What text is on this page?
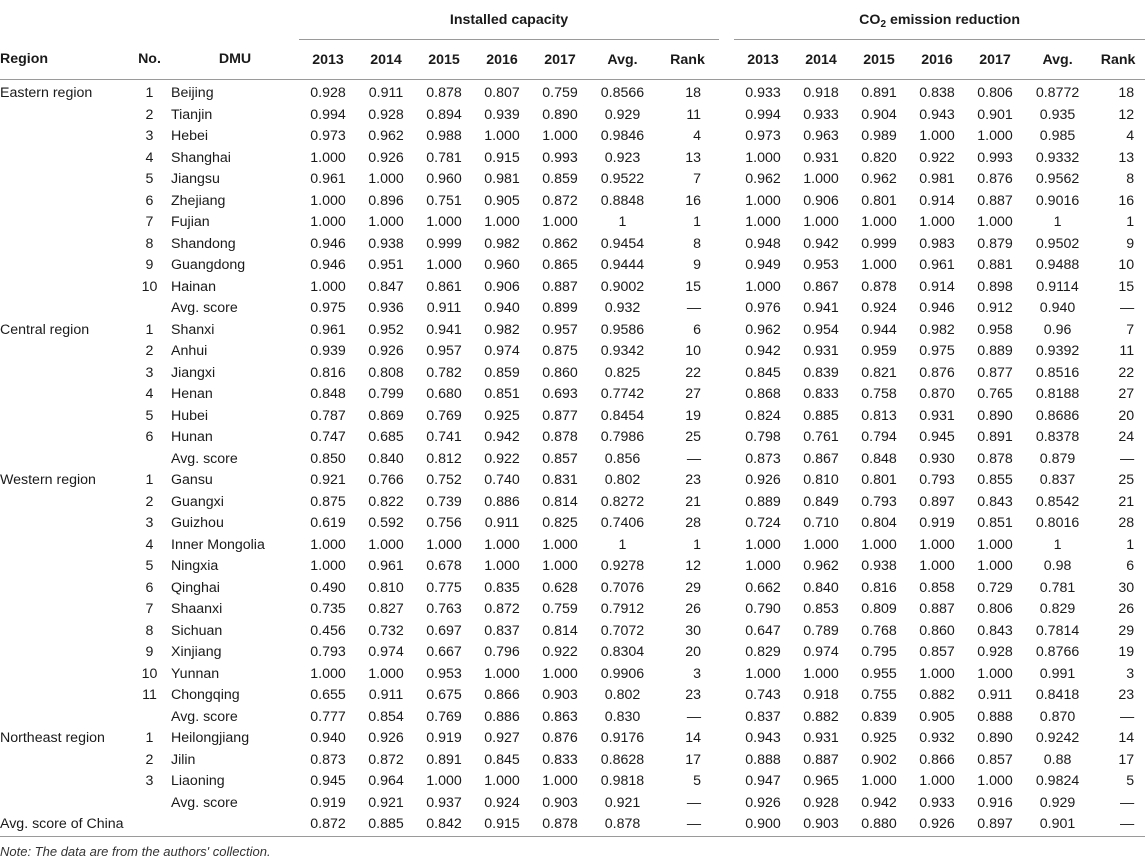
			Installed capacity								$CO_2$ emission reduction						
Region	No.	DMU	2013	2014	2015	2016	2017	Avg.	Rank		2013	2014	2015	2016	2017	Avg.	Rank
Eastern region	1	Beijing	0.928	0.911	0.878	0.807	0.759	0.8566	18		0.933	0.918	0.891	0.838	0.806	0.8772	18
	2	Tianjin	0.994	0.928	0.894	0.939	0.890	0.929	11		0.994	0.933	0.904	0.943	0.901	0.935	12
	3	Hebei	0.973	0.962	0.988	1.000	1.000	0.9846	4		0.973	0.963	0.989	1.000	1.000	0.985	4
	4	Shanghai	1.000	0.926	0.781	0.915	0.993	0.923	13		1.000	0.931	0.820	0.922	0.993	0.9332	13
	5	Jiangsu	0.961	1.000	0.960	0.981	0.859	0.9522	7		0.962	1.000	0.962	0.981	0.876	0.9562	8
	6	Zhejiang	1.000	0.896	0.751	0.905	0.872	0.8848	16		1.000	0.906	0.801	0.914	0.887	0.9016	16
	7	Fujian	1.000	1.000	1.000	1.000	1.000	1	1		1.000	1.000	1.000	1.000	1.000	1	1
	8	Shandong	0.946	0.938	0.999	0.982	0.862	0.9454	8		0.948	0.942	0.999	0.983	0.879	0.9502	9
	9	Guangdong	0.946	0.951	1.000	0.960	0.865	0.9444	9		0.949	0.953	1.000	0.961	0.881	0.9488	10
	10	Hainan	1.000	0.847	0.861	0.906	0.887	0.9002	15		1.000	0.867	0.878	0.914	0.898	0.9114	15
		Avg. score	0.975	0.936	0.911	0.940	0.899	0.932	—		0.976	0.941	0.924	0.946	0.912	0.940	—
Central region	1	Shanxi	0.961	0.952	0.941	0.982	0.957	0.9586	6		0.962	0.954	0.944	0.982	0.958	0.96	7
	2	Anhui	0.939	0.926	0.957	0.974	0.875	0.9342	10		0.942	0.931	0.959	0.975	0.889	0.9392	11
	3	Jiangxi	0.816	0.808	0.782	0.859	0.860	0.825	22		0.845	0.839	0.821	0.876	0.877	0.8516	22
	4	Henan	0.848	0.799	0.680	0.851	0.693	0.7742	27		0.868	0.833	0.758	0.870	0.765	0.8188	27
	5	Hubei	0.787	0.869	0.769	0.925	0.877	0.8454	19		0.824	0.885	0.813	0.931	0.890	0.8686	20
	6	Hunan	0.747	0.685	0.741	0.942	0.878	0.7986	25		0.798	0.761	0.794	0.945	0.891	0.8378	24
		Avg. score	0.850	0.840	0.812	0.922	0.857	0.856	—		0.873	0.867	0.848	0.930	0.878	0.879	—
Western region	1	Gansu	0.921	0.766	0.752	0.740	0.831	0.802	23		0.926	0.810	0.801	0.793	0.855	0.837	25
	2	Guangxi	0.875	0.822	0.739	0.886	0.814	0.8272	21		0.889	0.849	0.793	0.897	0.843	0.8542	21
	3	Guizhou	0.619	0.592	0.756	0.911	0.825	0.7406	28		0.724	0.710	0.804	0.919	0.851	0.8016	28
	4	Inner Mongolia	1.000	1.000	1.000	1.000	1.000	1	1		1.000	1.000	1.000	1.000	1.000	1	1
	5	Ningxia	1.000	0.961	0.678	1.000	1.000	0.9278	12		1.000	0.962	0.938	1.000	1.000	0.98	6
	6	Qinghai	0.490	0.810	0.775	0.835	0.628	0.7076	29		0.662	0.840	0.816	0.858	0.729	0.781	30
	7	Shaanxi	0.735	0.827	0.763	0.872	0.759	0.7912	26		0.790	0.853	0.809	0.887	0.806	0.829	26
	8	Sichuan	0.456	0.732	0.697	0.837	0.814	0.7072	30		0.647	0.789	0.768	0.860	0.843	0.7814	29
	9	Xinjiang	0.793	0.974	0.667	0.796	0.922	0.8304	20		0.829	0.974	0.795	0.857	0.928	0.8766	19
	10	Yunnan	1.000	1.000	0.953	1.000	1.000	0.9906	3		1.000	1.000	0.955	1.000	1.000	0.991	3
	11	Chongqing	0.655	0.911	0.675	0.866	0.903	0.802	23		0.743	0.918	0.755	0.882	0.911	0.8418	23
		Avg. score	0.777	0.854	0.769	0.886	0.863	0.830	—		0.837	0.882	0.839	0.905	0.888	0.870	—
Northeast region	1	Heilongjiang	0.940	0.926	0.919	0.927	0.876	0.9176	14		0.943	0.931	0.925	0.932	0.890	0.9242	14
	2	Jilin	0.873	0.872	0.891	0.845	0.833	0.8628	17		0.888	0.887	0.902	0.866	0.857	0.88	17
	3	Liaoning	0.945	0.964	1.000	1.000	1.000	0.9818	5		0.947	0.965	1.000	1.000	1.000	0.9824	5
		Avg. score	0.919	0.921	0.937	0.924	0.903	0.921	—		0.926	0.928	0.942	0.933	0.916	0.929	—
Avg. score of China			0.872	0.885	0.842	0.915	0.878	0.878	—		0.900	0.903	0.880	0.926	0.897	0.901	—
Note: The data are from the authors' collection.
